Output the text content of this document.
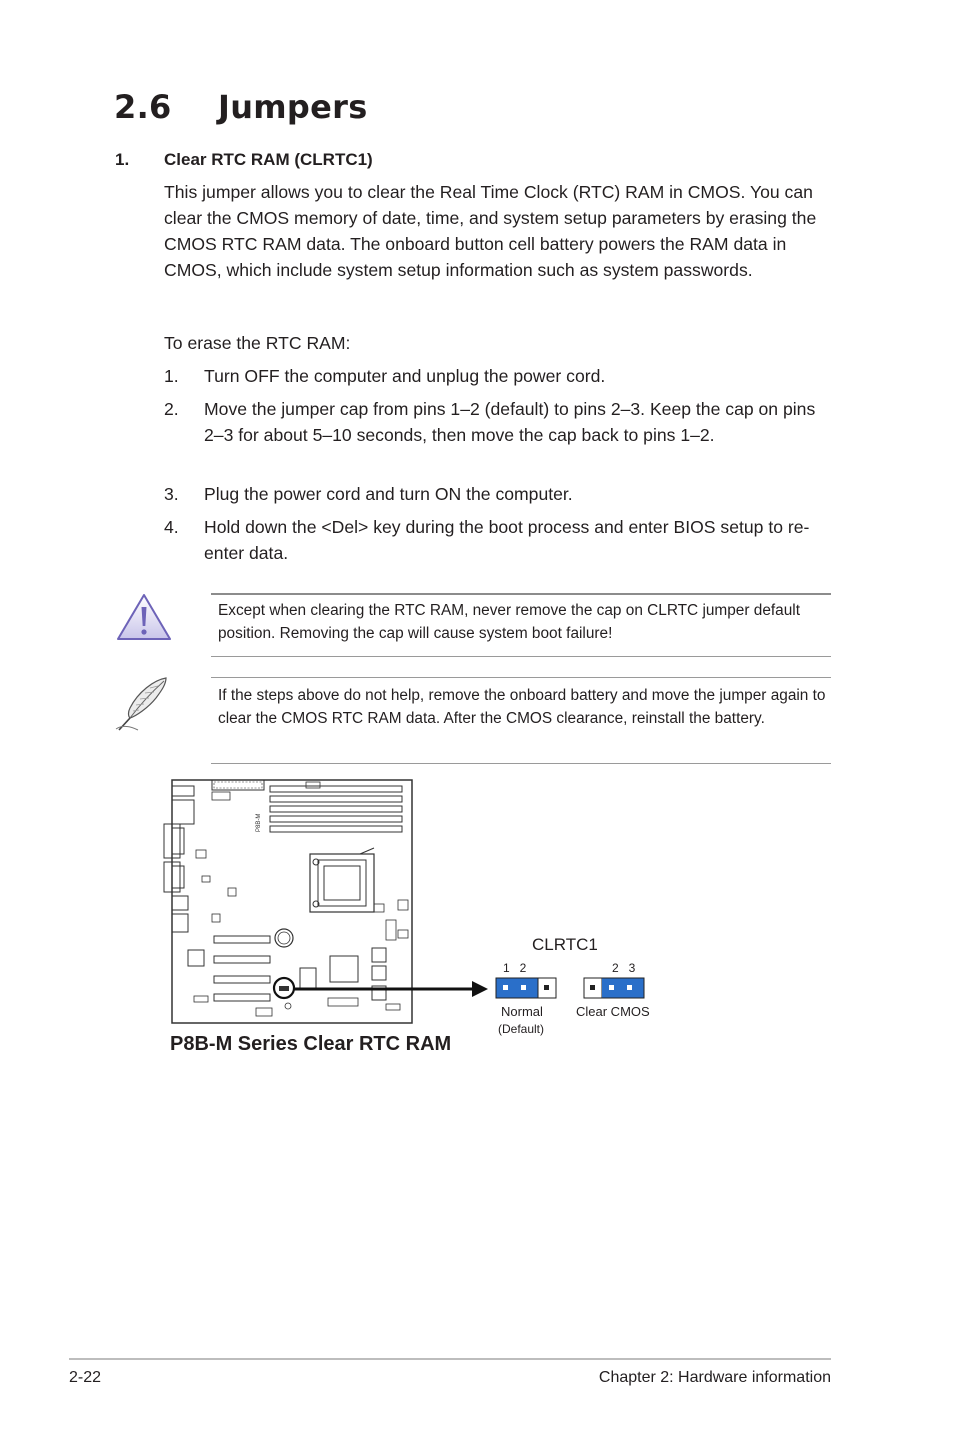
2.6 Jumpers
1. Clear RTC RAM (CLRTC1)
This jumper allows you to clear the Real Time Clock (RTC) RAM in CMOS. You can clear the CMOS memory of date, time, and system setup parameters by erasing the CMOS RTC RAM data. The onboard button cell battery powers the RAM data in CMOS, which include system setup information such as system passwords.
To erase the RTC RAM:
1.	Turn OFF the computer and unplug the power cord.
2.	Move the jumper cap from pins 1–2 (default) to pins 2–3. Keep the cap on pins 2–3 for about 5–10 seconds, then move the cap back to pins 1–2.
3.	Plug the power cord and turn ON the computer.
4.	Hold down the <Del> key during the boot process and enter BIOS setup to re-enter data.
Except when clearing the RTC RAM, never remove the cap on CLRTC jumper default position. Removing the cap will cause system boot failure!
If the steps above do not help, remove the onboard battery and move the jumper again to clear the CMOS RTC RAM data. After the CMOS clearance, reinstall the battery.
P8B-M
CLRTC1
1   2	2   3
Normal
(Default)
Clear CMOS
P8B-M Series Clear RTC RAM
2-22	Chapter 2: Hardware information
